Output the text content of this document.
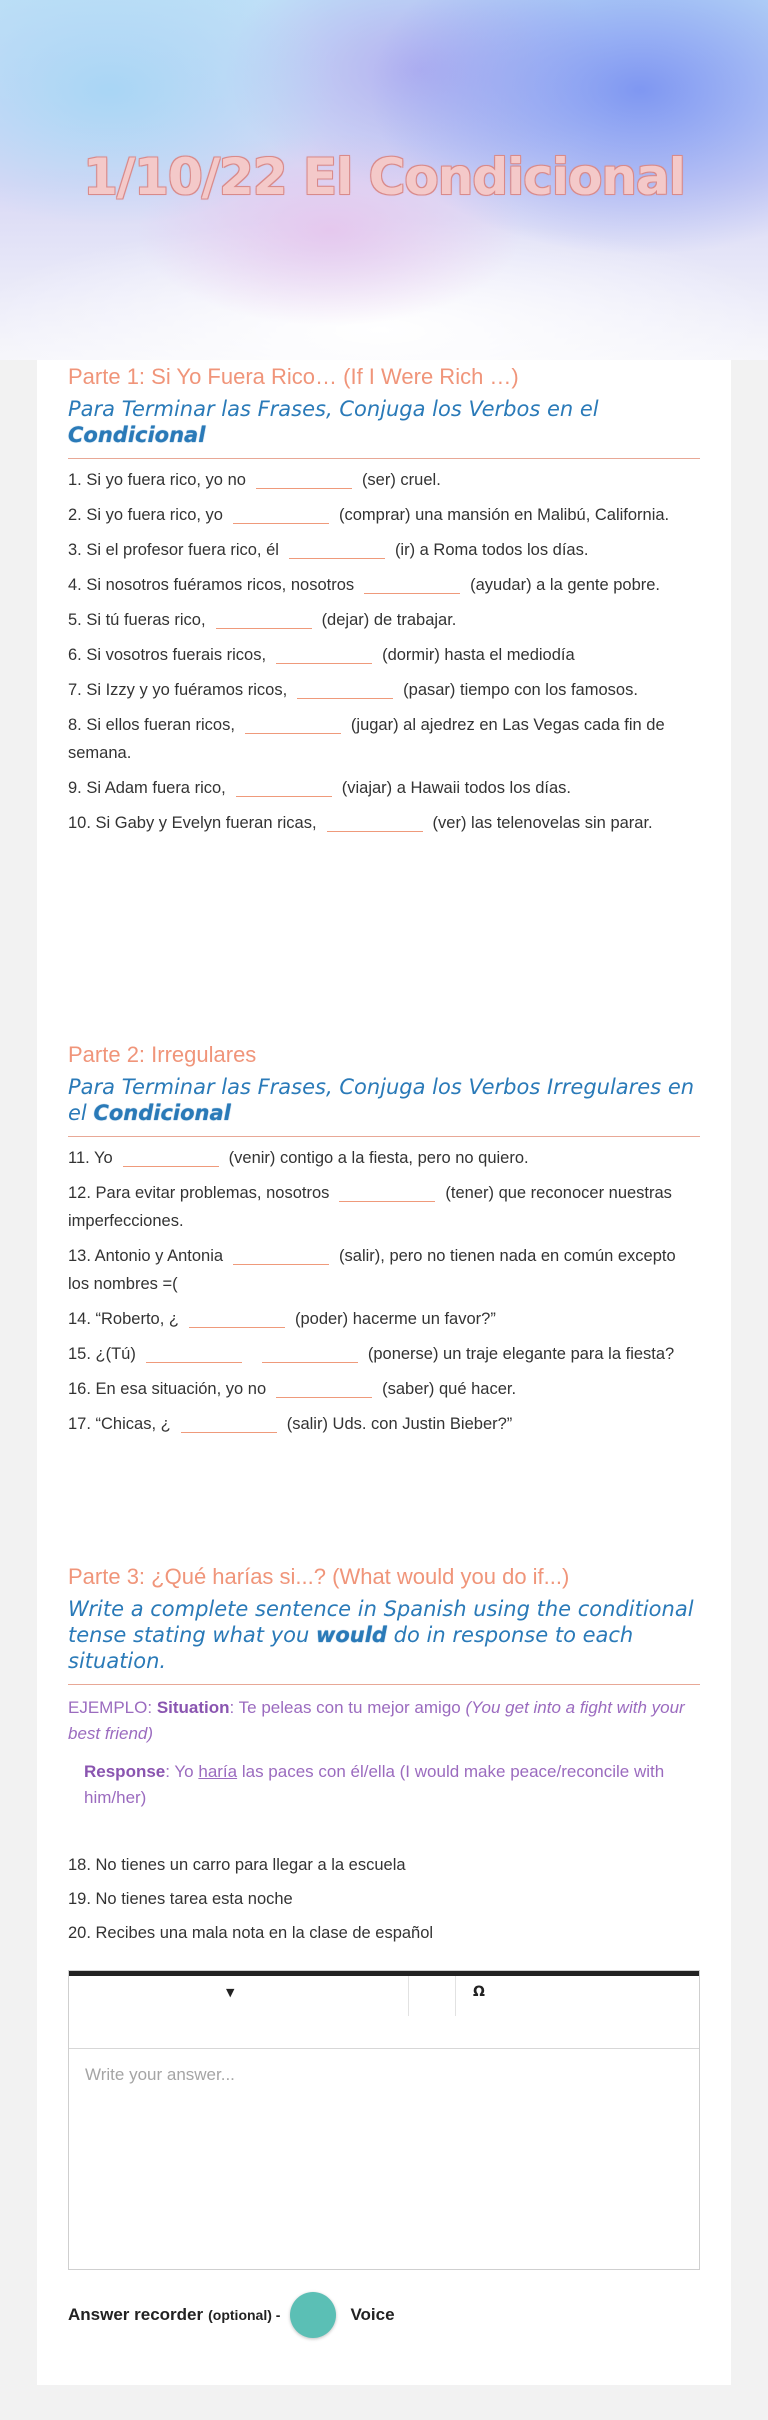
1/10/22 El Condicional
Parte 1: Si Yo Fuera Rico… (If I Were Rich …)
Para Terminar las Frases, Conjuga los Verbos en el Condicional
1. Si yo fuera rico, yo no	(ser) cruel.
2. Si yo fuera rico, yo	(comprar) una mansión en Malibú, California.
3. Si el profesor fuera rico, él	(ir) a Roma todos los días.
4. Si nosotros fuéramos ricos, nosotros	(ayudar) a la gente pobre.
5. Si tú fueras rico,	(dejar) de trabajar.
6. Si vosotros fuerais ricos,	(dormir) hasta el mediodía
7. Si Izzy y yo fuéramos ricos,	(pasar) tiempo con los famosos.
8. Si ellos fueran ricos,	(jugar) al ajedrez en Las Vegas cada fin de semana.
9. Si Adam fuera rico,	(viajar) a Hawaii todos los días.
10. Si Gaby y Evelyn fueran ricas,	(ver) las telenovelas sin parar.
Parte 2: Irregulares
Para Terminar las Frases, Conjuga los Verbos Irregulares en el Condicional
11. Yo	(venir) contigo a la fiesta, pero no quiero.
12. Para evitar problemas, nosotros	(tener) que reconocer nuestras imperfecciones.
13. Antonio y Antonia	(salir), pero no tienen nada en común excepto los nombres =(
14. “Roberto, ¿	(poder) hacerme un favor?”
15. ¿(Tú)	(ponerse) un traje elegante para la fiesta?
16. En esa situación, yo no	(saber) qué hacer.
17. “Chicas, ¿	(salir) Uds. con Justin Bieber?”
Parte 3: ¿Qué harías si...? (What would you do if...)
Write a complete sentence in Spanish using the conditional tense stating what you would do in response to each situation.
EJEMPLO: Situation: Te peleas con tu mejor amigo (You get into a fight with your best friend)
Response: Yo haría las paces con él/ella (I would make peace/reconcile with him/her)
18. No tienes un carro para llegar a la escuela
19. No tienes tarea esta noche
20. Recibes una mala nota en la clase de español
▼	Ω
Write your answer...
Answer recorder (optional) -	Voice
